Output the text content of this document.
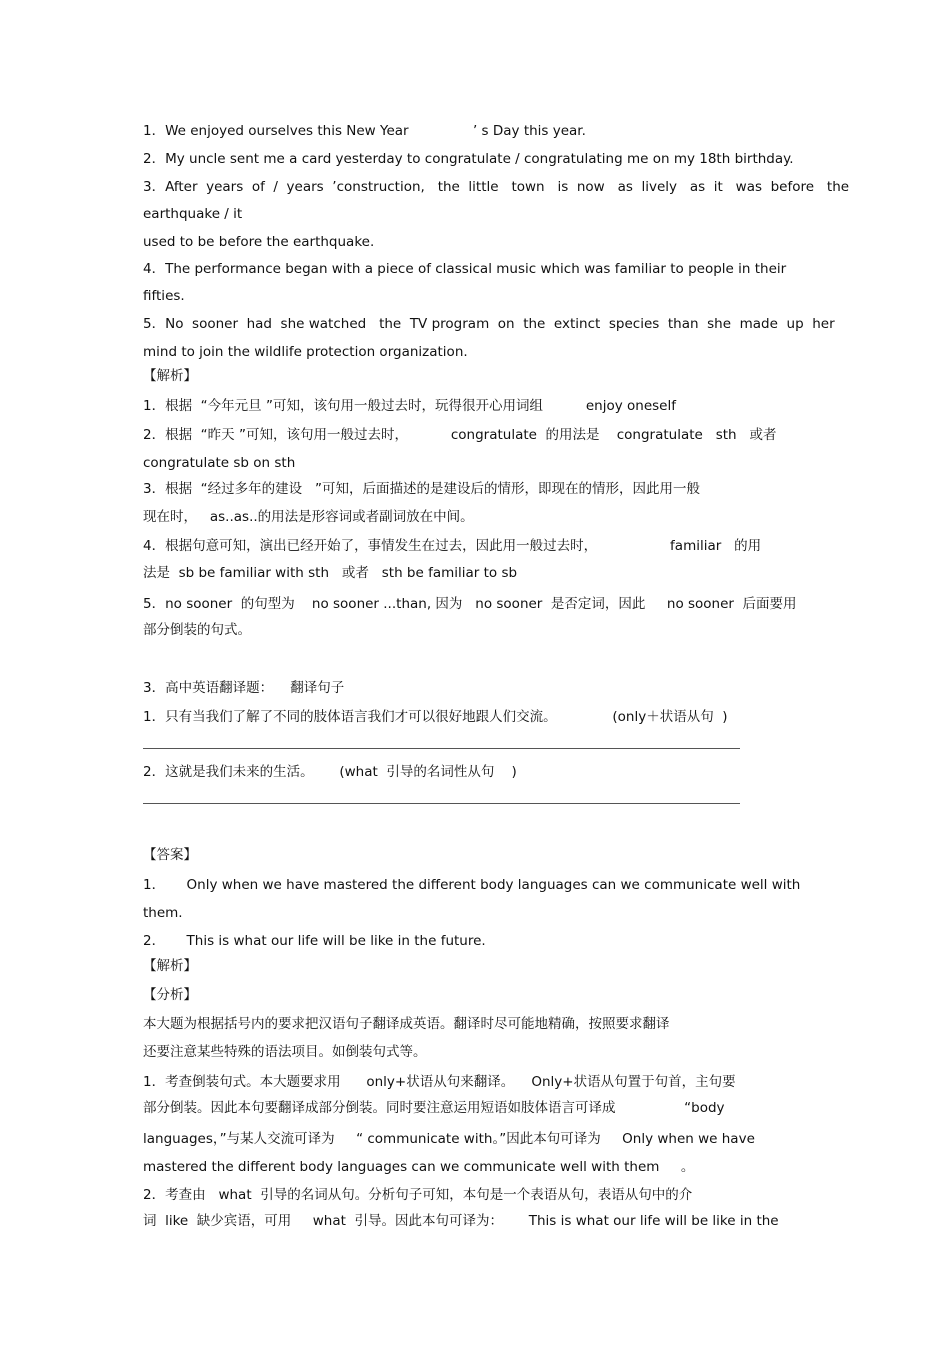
1．We enjoyed ourselves this New Year               ’ s Day this year.
2．My uncle sent me a card yesterday to congratulate / congratulating me on my 18th birthday.
3．After  years  of  /  years  ’construction,   the  little   town   is  now   as  lively   as  it   was  before   the
earthquake / it
used to be before the earthquake.
4．The performance began with a piece of classical music which was familiar to people in their
fifties.
5．No  sooner  had  she watched   the  TV program  on  the  extinct  species  than  she  made  up  her
mind to join the wildlife protection organization.
【解析】
1．根据  “今年元旦 ”可知，该句用一般过去时，玩得很开心用词组          enjoy oneself
2．根据  “昨天 ”可知，该句用一般过去时，          congratulate  的用法是    congratulate   sth   或者
congratulate sb on sth
3．根据  “经过多年的建设   ”可知，后面描述的是建设后的情形，即现在的情形，因此用一般
现在时，   as..as..的用法是形容词或者副词放在中间。
4．根据句意可知，演出已经开始了，事情发生在过去，因此用一般过去时，                 familiar   的用
法是  sb be familiar with sth   或者   sth be familiar to sb
5．no sooner  的句型为    no sooner ...than, 因为   no sooner  是否定词，因此     no sooner  后面要用
部分倒装的句式。
3．高中英语翻译题：    翻译句子
1．只有当我们了解了不同的肢体语言我们才可以很好地跟人们交流。             (only＋状语从句  )
2．这就是我们未来的生活。      (what  引导的名词性从句    )
【答案】
1．     Only when we have mastered the different body languages can we communicate well with
them.
2．     This is what our life will be like in the future.
【解析】
【分析】
本大题为根据括号内的要求把汉语句子翻译成英语。翻译时尽可能地精确，按照要求翻译
还要注意某些特殊的语法项目。如倒装句式等。
1．考查倒装句式。本大题要求用      only+状语从句来翻译。    Only+状语从句置于句首，主句要
部分倒装。因此本句要翻译成部分倒装。同时要注意运用短语如肢体语言可译成                “body
languages，”与某人交流可译为     “ communicate with。”因此本句可译为     Only when we have
mastered the different body languages can we communicate well with them     。
2．考查由   what  引导的名词从句。分析句子可知，本句是一个表语从句，表语从句中的介
词  like  缺少宾语，可用     what  引导。因此本句可译为：      This is what our life will be like in the
